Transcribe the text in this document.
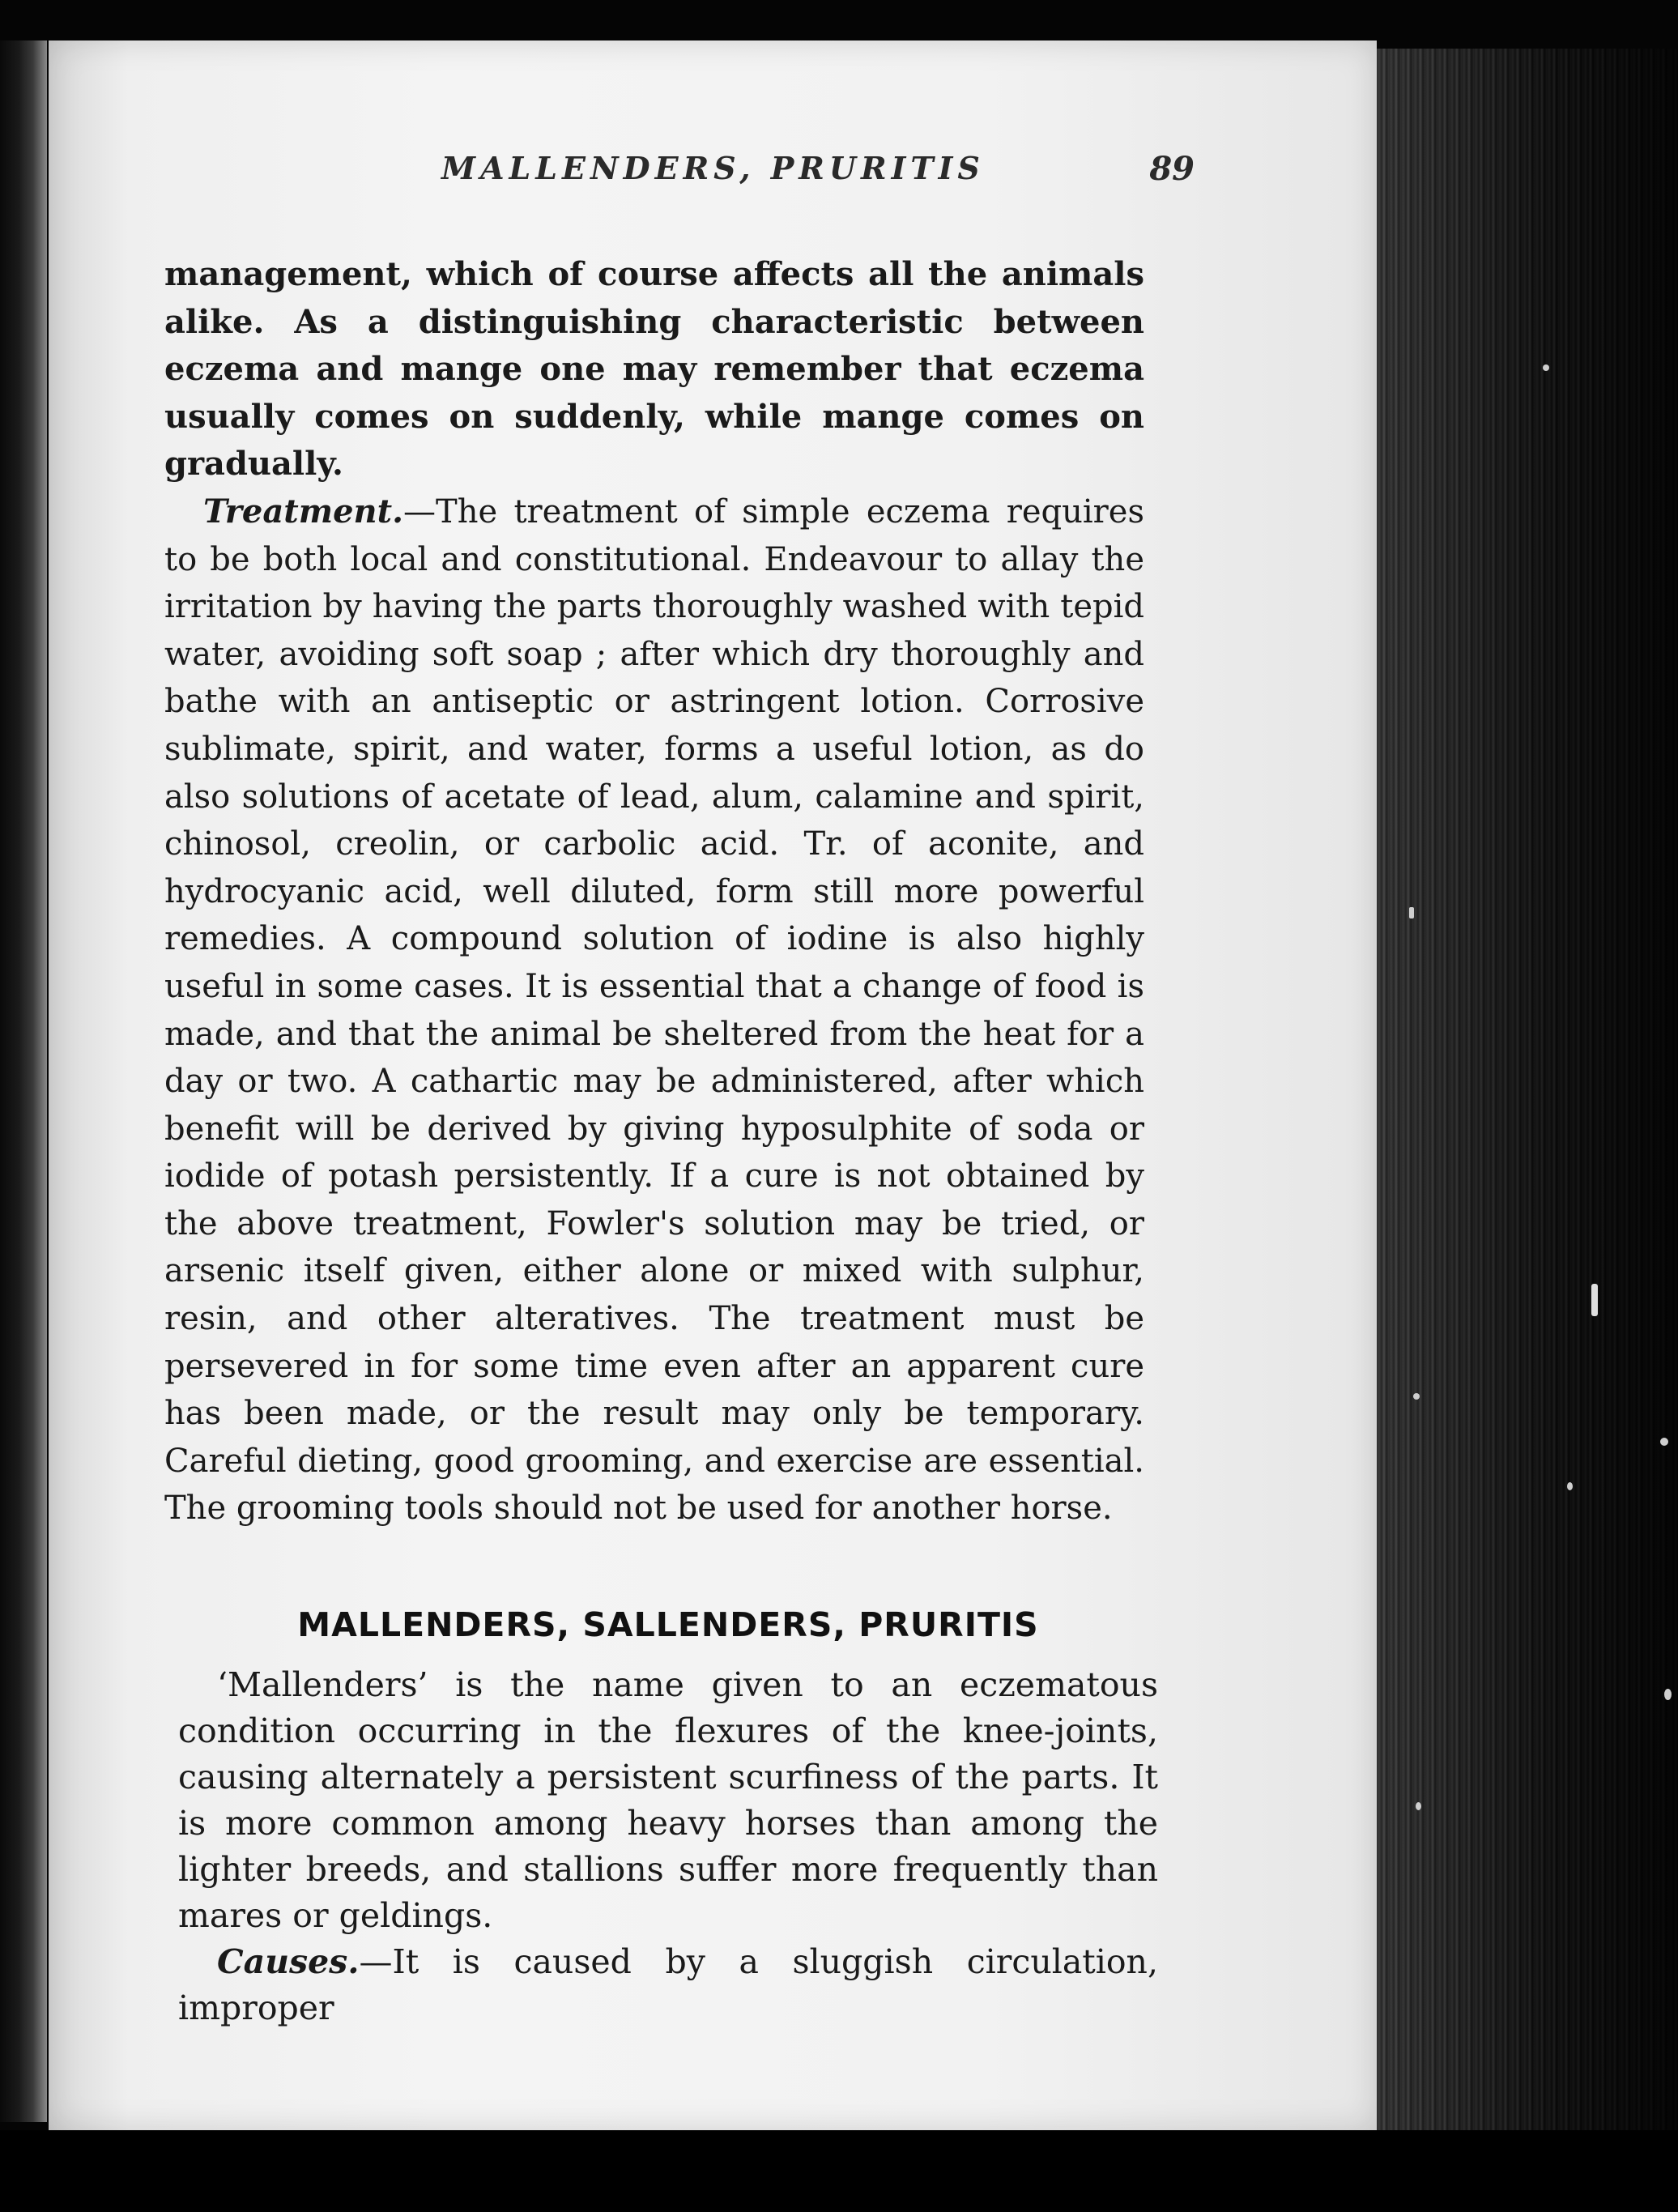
MALLENDERS, PRURITIS	89

management, which of course affects all the animals alike. As a distinguishing characteristic between eczema and mange one may remember that eczema usually comes on suddenly, while mange comes on gradually.

Treatment.—The treatment of simple eczema requires to be both local and constitutional. Endeavour to allay the irritation by having the parts thoroughly washed with tepid water, avoiding soft soap ; after which dry thoroughly and bathe with an antiseptic or astringent lotion. Corrosive sublimate, spirit, and water, forms a useful lotion, as do also solutions of acetate of lead, alum, calamine and spirit, chinosol, creolin, or carbolic acid. Tr. of aconite, and hydrocyanic acid, well diluted, form still more powerful remedies. A compound solution of iodine is also highly useful in some cases. It is essential that a change of food is made, and that the animal be sheltered from the heat for a day or two. A cathartic may be administered, after which benefit will be derived by giving hyposulphite of soda or iodide of potash persistently. If a cure is not obtained by the above treatment, Fowler's solution may be tried, or arsenic itself given, either alone or mixed with sulphur, resin, and other alteratives. The treatment must be persevered in for some time even after an apparent cure has been made, or the result may only be temporary. Careful dieting, good grooming, and exercise are essential. The grooming tools should not be used for another horse.

MALLENDERS, SALLENDERS, PRURITIS

‘Mallenders’ is the name given to an eczematous condition occurring in the flexures of the knee-joints, causing alternately a persistent scurfiness of the parts. It is more common among heavy horses than among the lighter breeds, and stallions suffer more frequently than mares or geldings.

Causes.—It is caused by a sluggish circulation, improper
